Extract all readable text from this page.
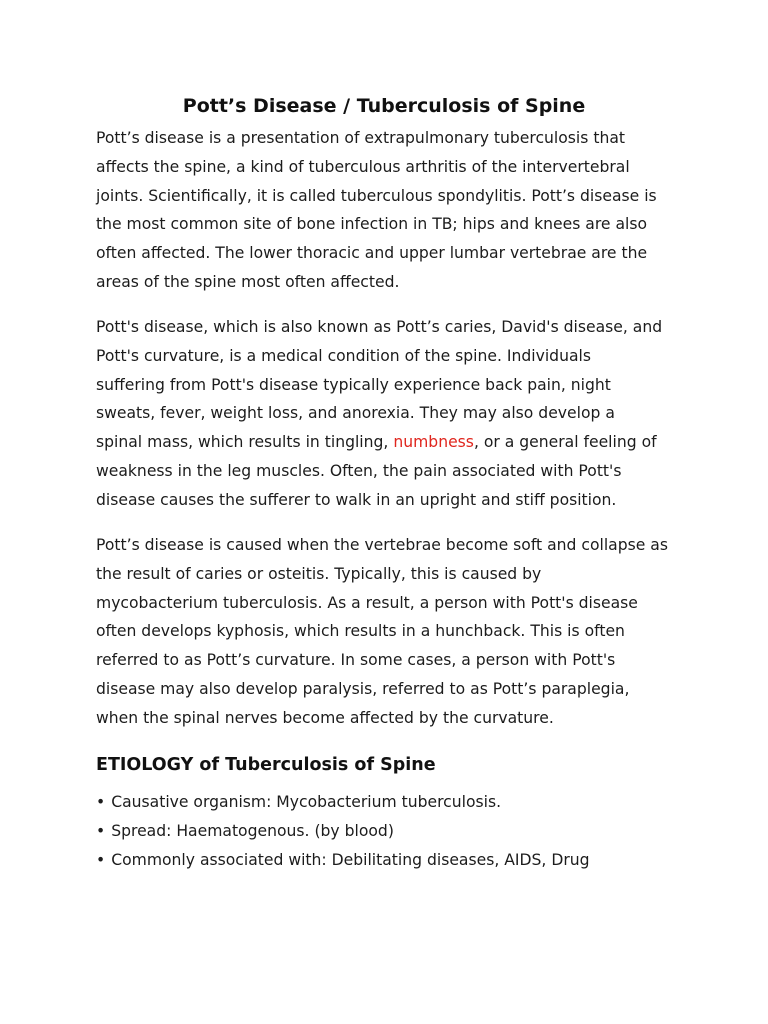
Pott’s Disease / Tuberculosis of Spine

Pott’s disease is a presentation of extrapulmonary tuberculosis that
affects the spine, a kind of tuberculous arthritis of the intervertebral
joints. Scientifically, it is called tuberculous spondylitis. Pott’s disease is
the most common site of bone infection in TB; hips and knees are also
often affected. The lower thoracic and upper lumbar vertebrae are the
areas of the spine most often affected.

Pott's disease, which is also known as Pott’s caries, David's disease, and
Pott's curvature, is a medical condition of the spine. Individuals
suffering from Pott's disease typically experience back pain, night
sweats, fever, weight loss, and anorexia. They may also develop a
spinal mass, which results in tingling, numbness, or a general feeling of
weakness in the leg muscles. Often, the pain associated with Pott's
disease causes the sufferer to walk in an upright and stiff position.

Pott’s disease is caused when the vertebrae become soft and collapse as
the result of caries or osteitis. Typically, this is caused by
mycobacterium tuberculosis. As a result, a person with Pott's disease
often develops kyphosis, which results in a hunchback. This is often
referred to as Pott’s curvature. In some cases, a person with Pott's
disease may also develop paralysis, referred to as Pott’s paraplegia,
when the spinal nerves become affected by the curvature.

ETIOLOGY of Tuberculosis of Spine
• Causative organism: Mycobacterium tuberculosis.
• Spread: Haematogenous. (by blood)
• Commonly associated with: Debilitating diseases, AIDS, Drug
